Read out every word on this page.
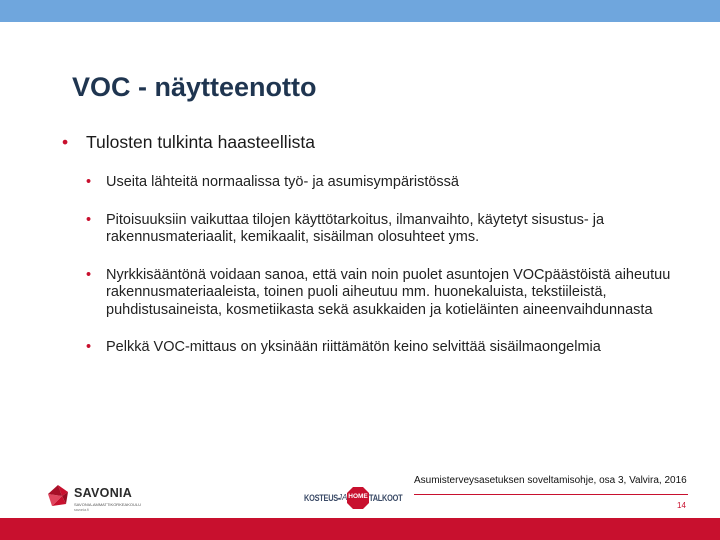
VOC - näytteenotto
• Tulosten tulkinta haasteellista
• Useita lähteitä normaalissa työ- ja asumisympäristössä
• Pitoisuuksiin vaikuttaa tilojen käyttötarkoitus, ilmanvaihto, käytetyt sisustus- ja rakennusmateriaalit, kemikaalit, sisäilman olosuhteet yms.
• Nyrkkisääntönä voidaan sanoa, että vain noin puolet asuntojen VOCpäästöistä aiheutuu rakennusmateriaaleista, toinen puoli aiheutuu mm. huonekaluista, tekstiileistä, puhdistusaineista, kosmetiikasta sekä asukkaiden ja kotieläinten aineenvaihdunnasta
• Pelkkä VOC-mittaus on yksinään riittämätön keino selvittää sisäilmaongelmia
Asumisterveysasetuksen soveltamisohje, osa 3, Valvira, 2016
14
SAVONIA
SAVONIA-AMMATTIKORKEAKOULU
savonia.fi
KOSTEUS-
JA HOME TALKOOT
